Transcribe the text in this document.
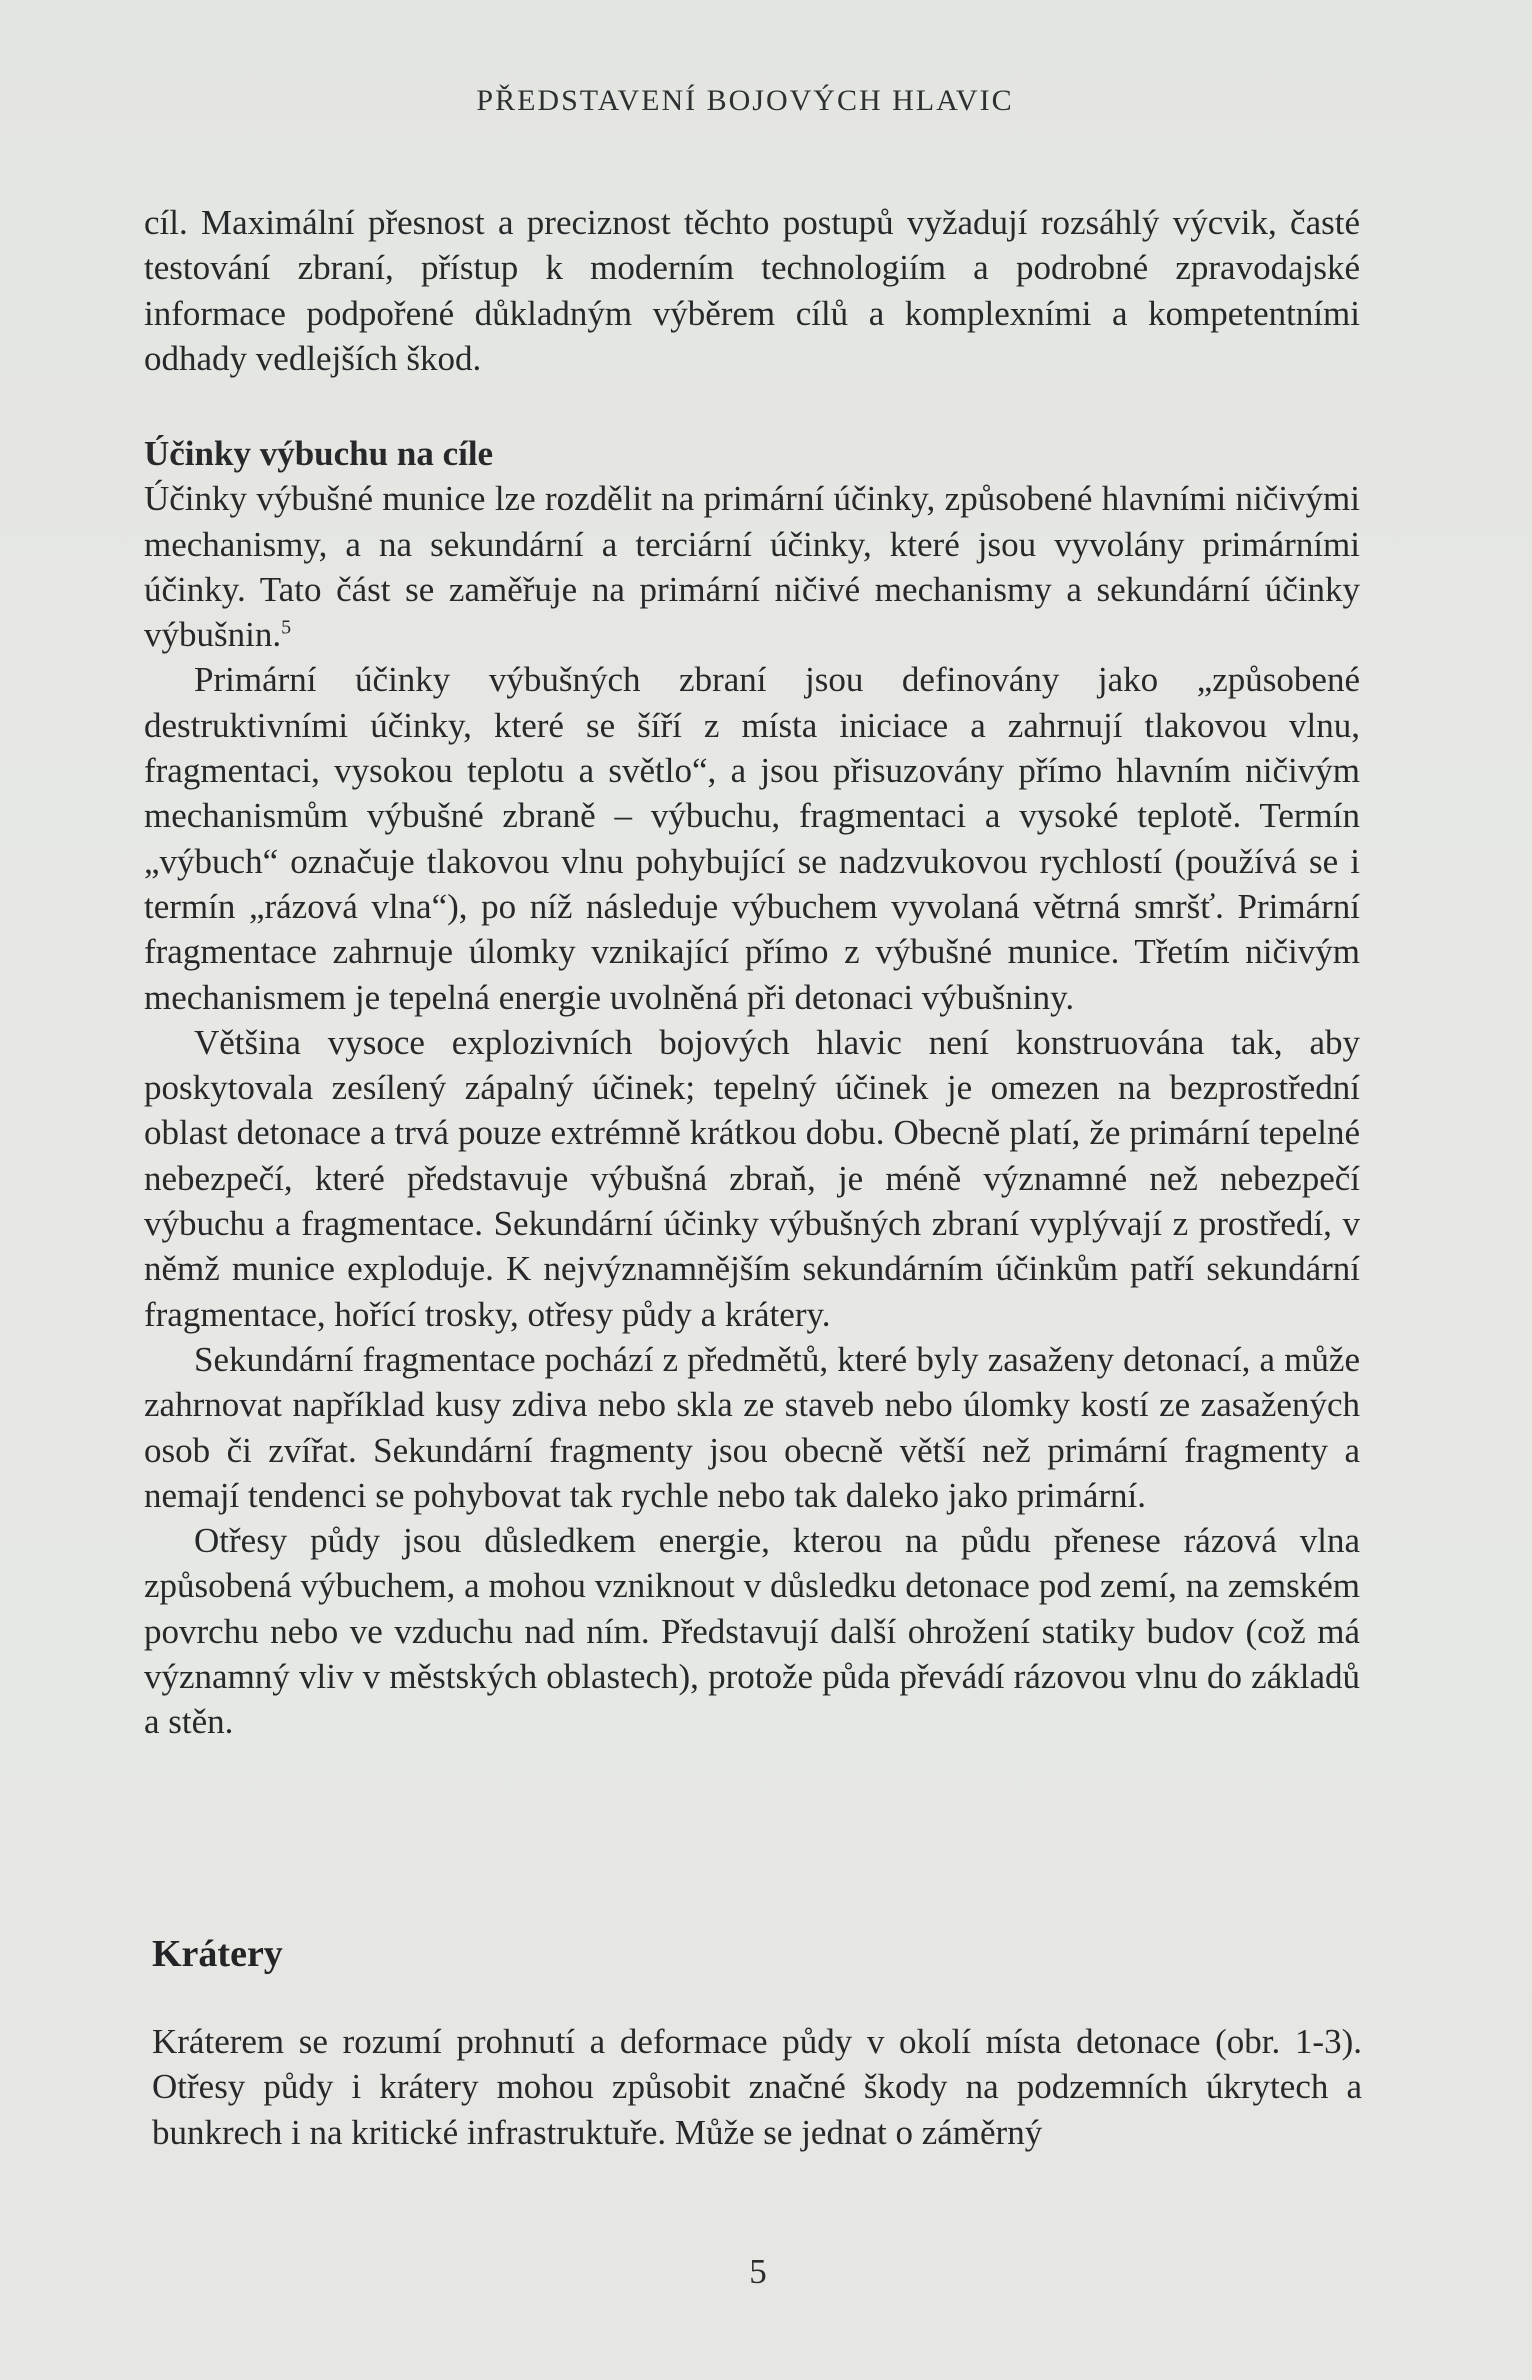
PŘEDSTAVENÍ BOJOVÝCH HLAVIC

cíl. Maximální přesnost a preciznost těchto postupů vyžadují rozsáhlý výcvik, časté testování zbraní, přístup k moderním technologiím a podrobné zpravodajské informace podpořené důkladným výběrem cílů a komplexními a kompetentními odhady vedlejších škod.

Účinky výbuchu na cíle

Účinky výbušné munice lze rozdělit na primární účinky, způsobené hlavními ničivými mechanismy, a na sekundární a terciární účinky, které jsou vyvolány primárními účinky. Tato část se zaměřuje na primární ničivé mechanismy a sekundární účinky výbušnin.$^5$

Primární účinky výbušných zbraní jsou definovány jako „způsobené destruktivními účinky, které se šíří z místa iniciace a zahrnují tlakovou vlnu, fragmentaci, vysokou teplotu a světlo“, a jsou přisuzovány přímo hlavním ničivým mechanismům výbušné zbraně – výbuchu, fragmentaci a vysoké teplotě. Termín „výbuch“ označuje tlakovou vlnu pohybující se nadzvukovou rychlostí (používá se i termín „rázová vlna“), po níž následuje výbuchem vyvolaná větrná smršť. Primární fragmentace zahrnuje úlomky vznikající přímo z výbušné munice. Třetím ničivým mechanismem je tepelná energie uvolněná při detonaci výbušniny.

Většina vysoce explozivních bojových hlavic není konstruována tak, aby poskytovala zesílený zápalný účinek; tepelný účinek je omezen na bezprostřední oblast detonace a trvá pouze extrémně krátkou dobu. Obecně platí, že primární tepelné nebezpečí, které představuje výbušná zbraň, je méně významné než nebezpečí výbuchu a fragmentace. Sekundární účinky výbušných zbraní vyplývají z prostředí, v němž munice exploduje. K nejvýznamnějším sekundárním účinkům patří sekundární fragmentace, hořící trosky, otřesy půdy a krátery.

Sekundární fragmentace pochází z předmětů, které byly zasaženy detonací, a může zahrnovat například kusy zdiva nebo skla ze staveb nebo úlomky kostí ze zasažených osob či zvířat. Sekundární fragmenty jsou obecně větší než primární fragmenty a nemají tendenci se pohybovat tak rychle nebo tak daleko jako primární.

Otřesy půdy jsou důsledkem energie, kterou na půdu přenese rázová vlna způsobená výbuchem, a mohou vzniknout v důsledku detonace pod zemí, na zemském povrchu nebo ve vzduchu nad ním. Představují další ohrožení statiky budov (což má významný vliv v městských oblastech), protože půda převádí rázovou vlnu do základů a stěn.

Krátery

Kráterem se rozumí prohnutí a deformace půdy v okolí místa detonace (obr. 1-3). Otřesy půdy i krátery mohou způsobit značné škody na podzemních úkrytech a bunkrech i na kritické infrastruktuře. Může se jednat o záměrný

5
